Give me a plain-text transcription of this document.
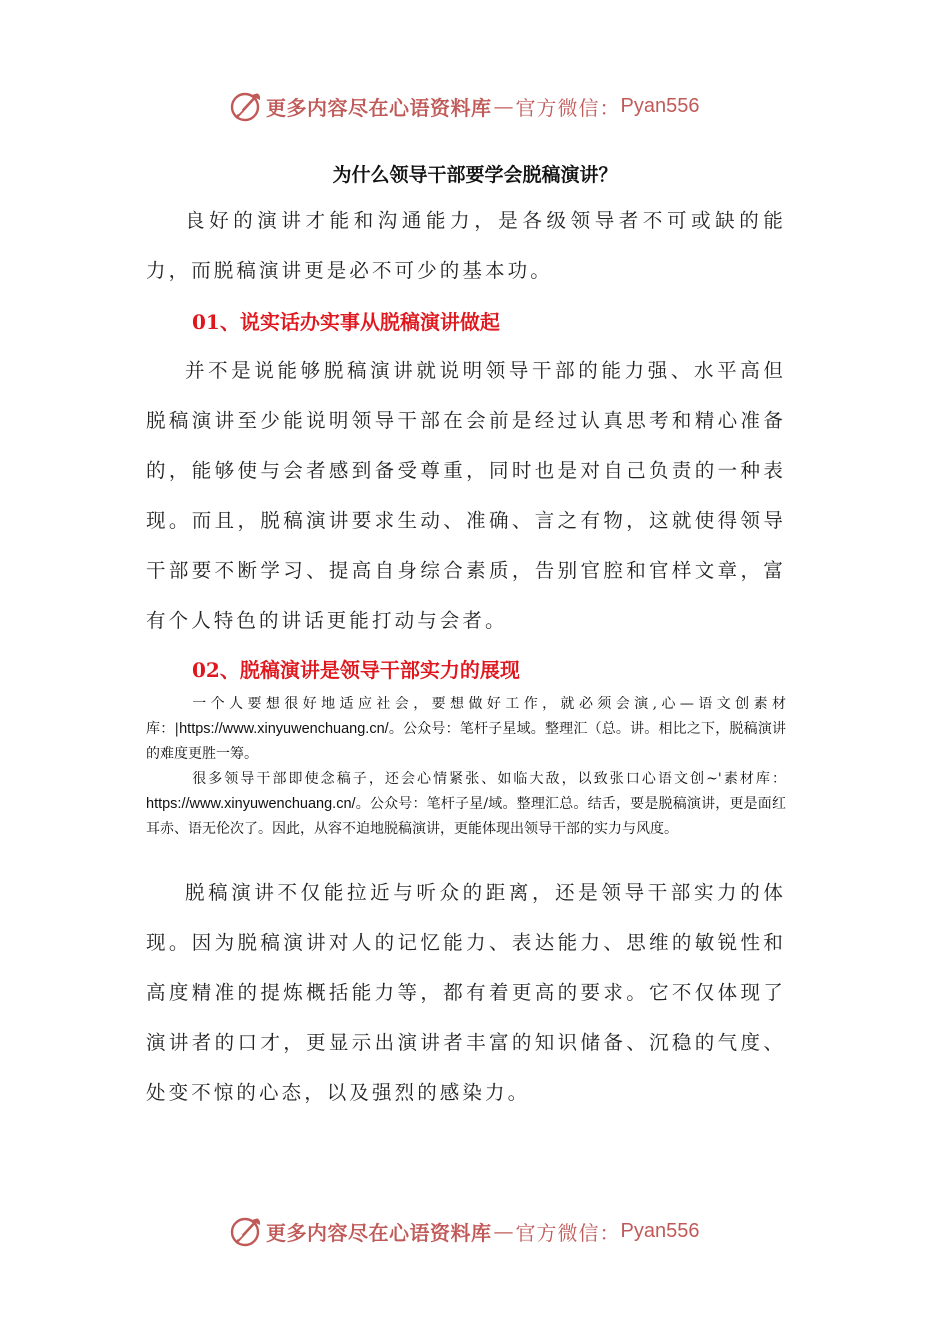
更多内容尽在心语资料库 — 官方微信： Pyan556
为什么领导干部要学会脱稿演讲？

良好的演讲才能和沟通能力，是各级领导者不可或缺的能力，而脱稿演讲更是必不可少的基本功。

01、说实话办实事从脱稿演讲做起

并不是说能够脱稿演讲就说明领导干部的能力强、水平高但脱稿演讲至少能说明领导干部在会前是经过认真思考和精心准备的，能够使与会者感到备受尊重，同时也是对自己负责的一种表现。而且，脱稿演讲要求生动、准确、言之有物，这就使得领导干部要不断学习、提高自身综合素质，告别官腔和官样文章，富有个人特色的讲话更能打动与会者。

02、脱稿演讲是领导干部实力的展现

一个人要想很好地适应社会，要想做好工作，就必须会演,心—语文创素材库：|https://www.xinyuwenchuang.cn/。公众号：笔杆子星域。整理汇（总。讲。相比之下，脱稿演讲的难度更胜一筹。

很多领导干部即使念稿子，还会心情紧张、如临大敌，以致张口心语文创~'素材库：https://www.xinyuwenchuang.cn/。公众号：笔杆子星/域。整理汇总。结舌，要是脱稿演讲，更是面红耳赤、语无伦次了。因此，从容不迫地脱稿演讲，更能体现出领导干部的实力与风度。

脱稿演讲不仅能拉近与听众的距离，还是领导干部实力的体现。因为脱稿演讲对人的记忆能力、表达能力、思维的敏锐性和高度精准的提炼概括能力等，都有着更高的要求。它不仅体现了演讲者的口才，更显示出演讲者丰富的知识储备、沉稳的气度、处变不惊的心态，以及强烈的感染力。

更多内容尽在心语资料库 — 官方微信： Pyan556
